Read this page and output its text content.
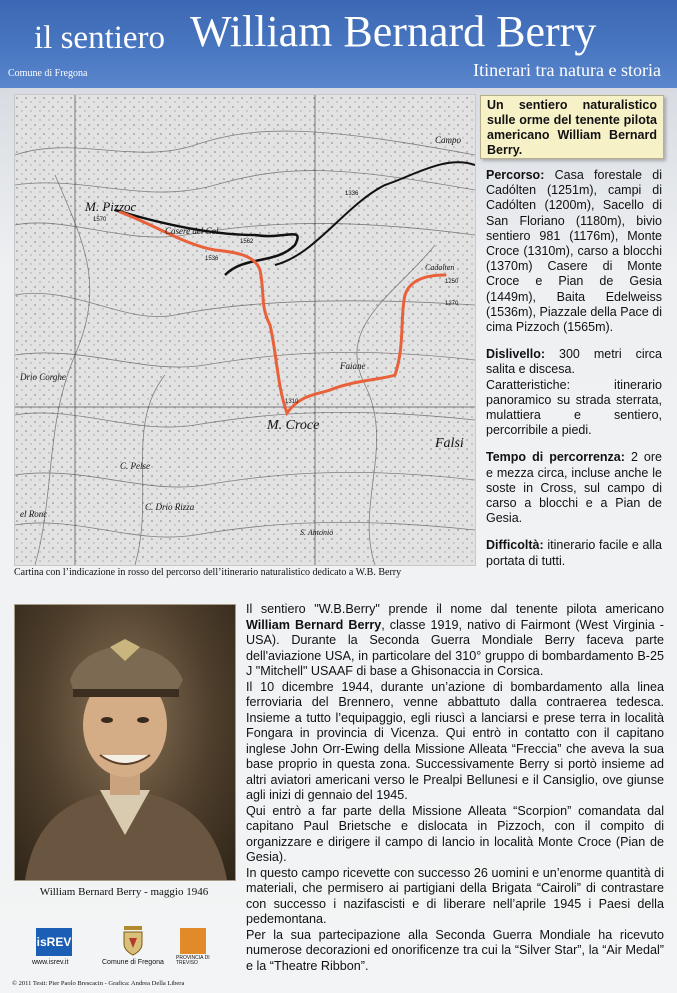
il sentiero William Bernard Berry
Comune di Fregona	Itinerari tra natura e storia
M. Pizzoc
M. Croce
Casere del Col
Faiane
C. Pelse
Drio Corghe
C. Drio Rizza
el Ronc
S. Antonio
Falsi
Campo
Cadolten
1570
1562
1310
1536
1336
1250
1270
Cartina con l’indicazione in rosso del percorso dell’itinerario naturalistico dedicato a W.B. Berry
Un sentiero naturalistico sulle orme del tenente pilota americano William Bernard Berry.

Percorso: Casa forestale di Cadólten (1251m), campi di Cadólten (1200m), Sacello di San Floriano (1180m), bivio sentiero 981 (1176m), Monte Croce (1310m), carso a blocchi (1370m) Casere di Monte Croce e Pian de Gesia (1449m), Baita Edelweiss (1536m), Piazzale della Pace di cima Pizzoch (1565m).

Dislivello: 300 metri circa salita e discesa.
Caratteristiche: itinerario panoramico su strada sterrata, mulattiera e sentiero, percorribile a piedi.

Tempo di percorrenza: 2 ore e mezza circa, incluse anche le soste in Cross, sul campo di carso a blocchi e a Pian de Gesia.

Difficoltà: itinerario facile e alla portata di tutti.

William Bernard Berry - maggio 1946

Il sentiero "W.B.Berry" prende il nome dal tenente pilota americano William Bernard Berry, classe 1919, nativo di Fairmont (West Virginia - USA). Durante la Seconda Guerra Mondiale Berry faceva parte dell'aviazione USA, in particolare del 310° gruppo di bombardamento B-25 J "Mitchell" USAAF di base a Ghisonaccia in Corsica.

Il 10 dicembre 1944, durante un’azione di bombardamento alla linea ferroviaria del Brennero, venne abbattuto dalla contraerea tedesca. Insieme a tutto l’equipaggio, egli riuscì a lanciarsi e prese terra in località Fongara in provincia di Vicenza. Qui entrò in contatto con il capitano inglese John Orr-Ewing della Missione Alleata “Freccia” che aveva la sua base proprio in questa zona. Successivamente Berry si portò insieme ad altri aviatori americani verso le Prealpi Bellunesi e il Cansiglio, ove giunse agli inizi di gennaio del 1945.

Qui entrò a far parte della Missione Alleata “Scorpion” comandata dal capitano Paul Brietsche e dislocata in Pizzoch, con il compito di organizzare e dirigere il campo di lancio in località Monte Croce (Pian de Gesia).

In questo campo ricevette con successo 26 uomini e un’enorme quantità di materiali, che permisero ai partigiani della Brigata “Cairoli” di contrastare con successo i nazifascisti e di liberare nell’aprile 1945 i Paesi della pedemontana.

Per la sua partecipazione alla Seconda Guerra Mondiale ha ricevuto numerose decorazioni ed onorificenze tra cui la “Silver Star”, la “Air Medal” e la “Theatre Ribbon”.

isREV
www.isrev.it	Comune di Fregona
PROVINCIA DI TREVISO
© 2011 Testi: Pier Paolo Brescacin - Grafica: Andrea Della Libera
